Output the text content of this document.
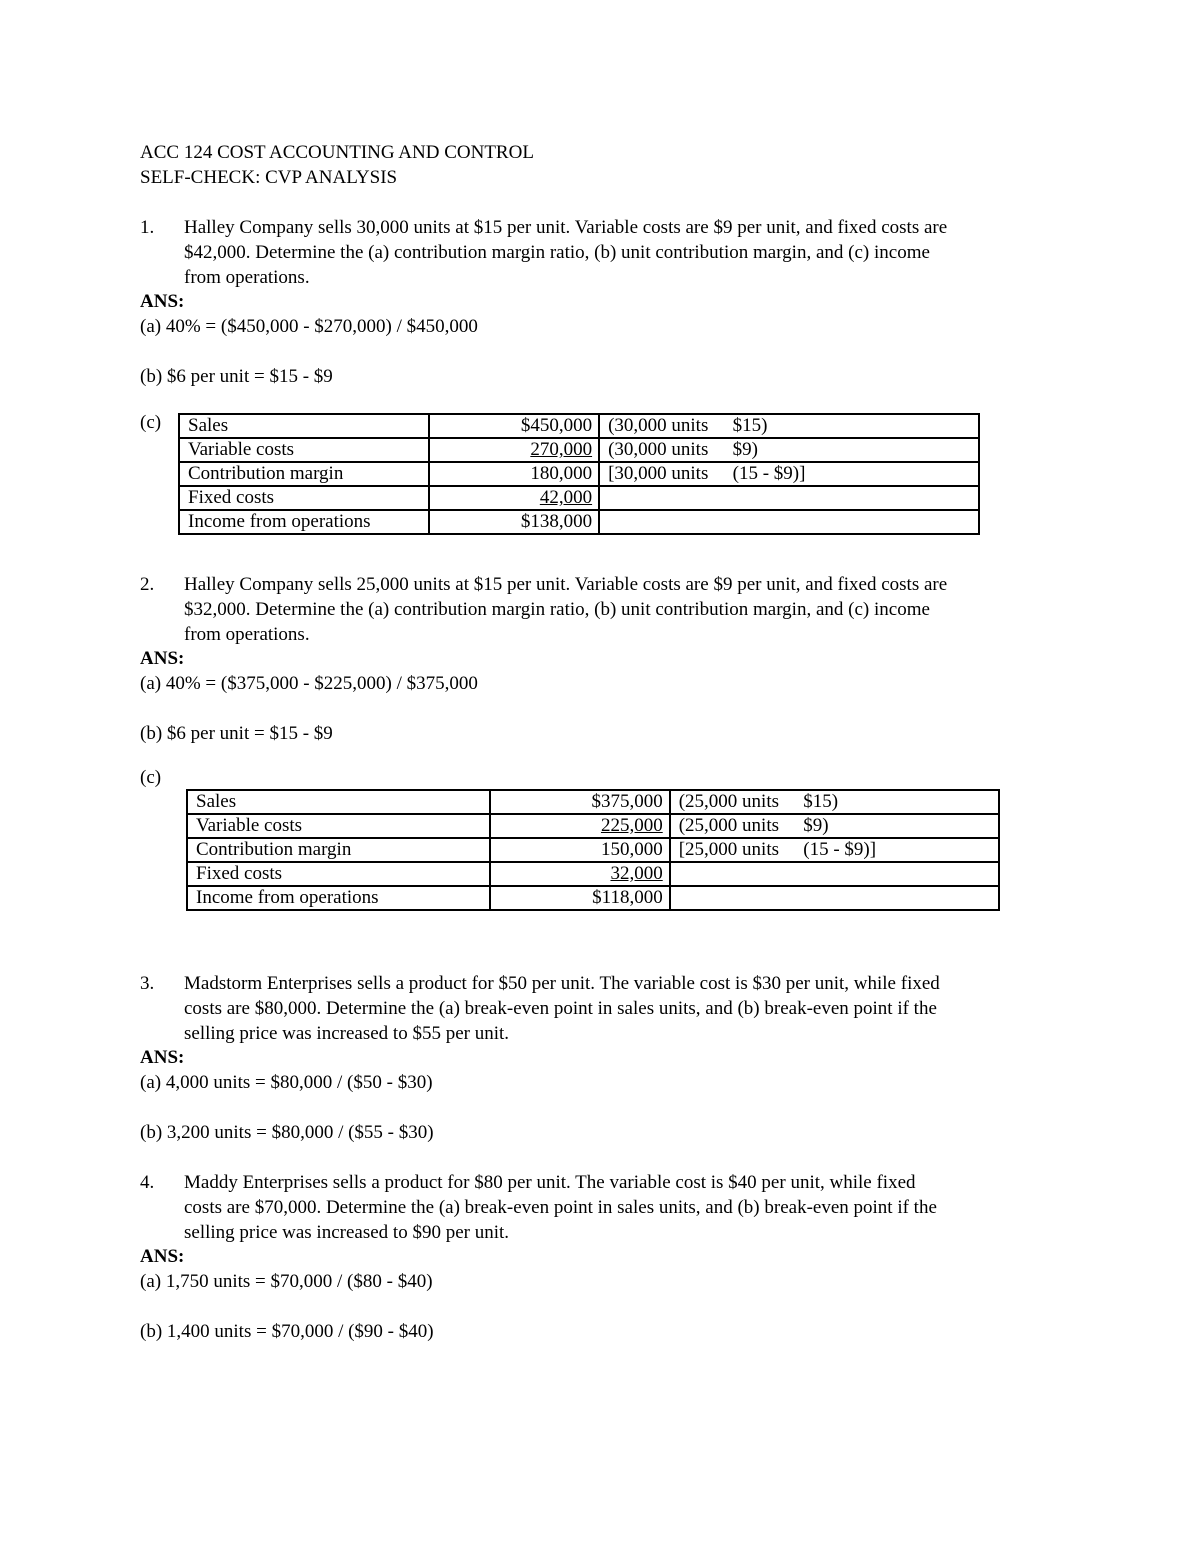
ACC 124 COST ACCOUNTING AND CONTROL
SELF-CHECK: CVP ANALYSIS
1. Halley Company sells 30,000 units at $15 per unit. Variable costs are $9 per unit, and fixed costs are
$42,000. Determine the (a) contribution margin ratio, (b) unit contribution margin, and (c) income
from operations.
ANS:
(a) 40% = ($450,000 - $270,000) / $450,000
(b) $6 per unit = $15 - $9
(c) Sales	$450,000	(30,000 units $15)
Variable costs	270,000	(30,000 units $9)
Contribution margin	180,000	[30,000 units (15 - $9)]
Fixed costs	42,000	
Income from operations	$138,000	
2. Halley Company sells 25,000 units at $15 per unit. Variable costs are $9 per unit, and fixed costs are
$32,000. Determine the (a) contribution margin ratio, (b) unit contribution margin, and (c) income
from operations.
ANS:
(a) 40% = ($375,000 - $225,000) / $375,000
(b) $6 per unit = $15 - $9
(c)
Sales	$375,000	(25,000 units $15)
Variable costs	225,000	(25,000 units $9)
Contribution margin	150,000	[25,000 units (15 - $9)]
Fixed costs	32,000	
Income from operations	$118,000	
3. Madstorm Enterprises sells a product for $50 per unit. The variable cost is $30 per unit, while fixed
costs are $80,000. Determine the (a) break-even point in sales units, and (b) break-even point if the
selling price was increased to $55 per unit.
ANS:
(a) 4,000 units = $80,000 / ($50 - $30)
(b) 3,200 units = $80,000 / ($55 - $30)
4. Maddy Enterprises sells a product for $80 per unit. The variable cost is $40 per unit, while fixed
costs are $70,000. Determine the (a) break-even point in sales units, and (b) break-even point if the
selling price was increased to $90 per unit.
ANS:
(a) 1,750 units = $70,000 / ($80 - $40)
(b) 1,400 units = $70,000 / ($90 - $40)
